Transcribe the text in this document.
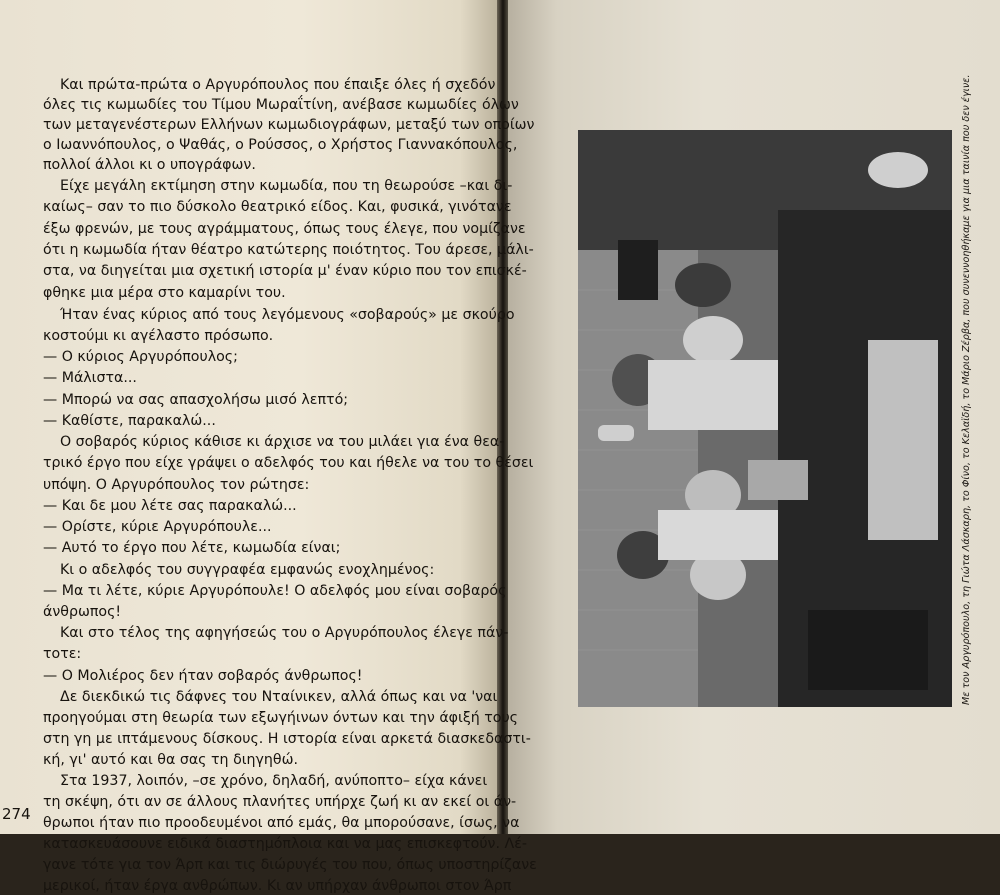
Και πρώτα-πρώτα ο Αργυρόπουλος που έπαιξε όλες ή σχεδόν
όλες τις κωμωδίες του Τίμου Μωραΐτίνη, ανέβασε κωμωδίες όλων
των μεταγενέστερων Ελλήνων κωμωδιογράφων, μεταξύ των οποίων
ο Ιωαννόπουλος, ο Ψαθάς, ο Ρούσσος, ο Χρήστος Γιαννακόπουλος,
πολλοί άλλοι κι ο υπογράφων.
Είχε μεγάλη εκτίμηση στην κωμωδία, που τη θεωρούσε –και δι-
καίως– σαν το πιο δύσκολο θεατρικό είδος. Και, φυσικά, γινότανε
έξω φρενών, με τους αγράμματους, όπως τους έλεγε, που νομίζανε
ότι η κωμωδία ήταν θέατρο κατώτερης ποιότητος. Του άρεσε, μάλι-
στα, να διηγείται μια σχετική ιστορία μ' έναν κύριο που τον επισκέ-
φθηκε μια μέρα στο καμαρίνι του.
Ήταν ένας κύριος από τους λεγόμενους «σοβαρούς» με σκούρο
κοστούμι κι αγέλαστο πρόσωπο.
— Ο κύριος Αργυρόπουλος;
— Μάλιστα...
— Μπορώ να σας απασχολήσω μισό λεπτό;
— Καθίστε, παρακαλώ...
Ο σοβαρός κύριος κάθισε κι άρχισε να του μιλάει για ένα θεα-
τρικό έργο που είχε γράψει ο αδελφός του και ήθελε να του το θέσει
υπόψη. Ο Αργυρόπουλος τον ρώτησε:
— Και δε μου λέτε σας παρακαλώ...
— Ορίστε, κύριε Αργυρόπουλε...
— Αυτό το έργο που λέτε, κωμωδία είναι;
Κι ο αδελφός του συγγραφέα εμφανώς ενοχλημένος:
— Μα τι λέτε, κύριε Αργυρόπουλε! Ο αδελφός μου είναι σοβαρός
άνθρωπος!
Και στο τέλος της αφηγήσεώς του ο Αργυρόπουλος έλεγε πάν-
τοτε:
— Ο Μολιέρος δεν ήταν σοβαρός άνθρωπος!
Δε διεκδικώ τις δάφνες του Νταίνικεν, αλλά όπως και να 'ναι
προηγούμαι στη θεωρία των εξωγήινων όντων και την άφιξή τους
στη γη με ιπτάμενους δίσκους. Η ιστορία είναι αρκετά διασκεδαστι-
κή, γι' αυτό και θα σας τη διηγηθώ.
Στα 1937, λοιπόν, –σε χρόνο, δηλαδή, ανύποπτο– είχα κάνει
τη σκέψη, ότι αν σε άλλους πλανήτες υπήρχε ζωή κι αν εκεί οι άν-
θρωποι ήταν πιο προοδευμένοι από εμάς, θα μπορούσανε, ίσως, να
κατασκευάσουνε ειδικά διαστημόπλοια και να μας επισκεφτούν. Λέ-
γανε τότε για τον Άρπ και τις διώρυγές του που, όπως υποστηρίζανε
μερικοί, ήταν έργα ανθρώπων. Κι αν υπήρχαν άνθρωποι στον Άρπ
274
Με τον Αργυρόπουλο, τη Γιώτα Λάσκαρη, το Φίνο, το Κελαϊδή, το Μάριο Ζέρβα, που συνεννοηθήκαμε για μια ταινία που δεν έγινε.
